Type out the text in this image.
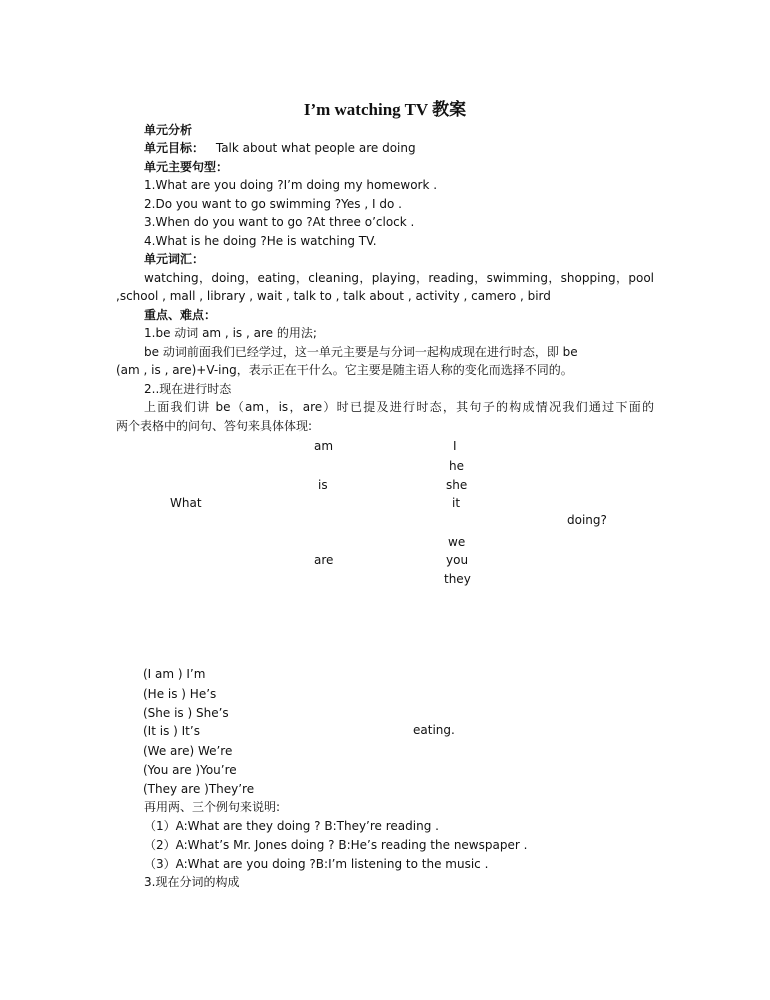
I’m watching TV 教案
单元分析
单元目标： Talk about what people are doing
单元主要句型：
1.What are you doing ?I’m doing my homework .
2.Do you want to go swimming ?Yes , I do .
3.When do you want to go ?At three o’clock .
4.What is he doing ?He is watching TV.
单元词汇：
watching，doing，eating，cleaning，playing，reading，swimming，shopping，pool
,school , mall , library , wait , talk to , talk about , activity , camero , bird
重点、难点：
1.be 动词 am , is , are 的用法;
be 动词前面我们已经学过，这一单元主要是与分词一起构成现在进行时态，即 be
(am , is , are)+V-ing，表示正在干什么。它主要是随主语人称的变化而选择不同的。
2..现在进行时态
上面我们讲 be（am，is，are）时已提及进行时态，其句子的构成情况我们通过下面的
两个表格中的问句、答句来具体体现:
What
am
is
are
I
he
she
it
we
you
they
doing?
(I am ) I’m
(He is ) He’s
(She is ) She’s
(It is ) It’s
(We are) We’re
(You are )You’re
(They are )They’re
eating.
再用两、三个例句来说明:
（1）A:What are they doing ? B:They’re reading .
（2）A:What’s Mr. Jones doing ? B:He’s reading the newspaper .
（3）A:What are you doing ?B:I’m listening to the music .
3.现在分词的构成
